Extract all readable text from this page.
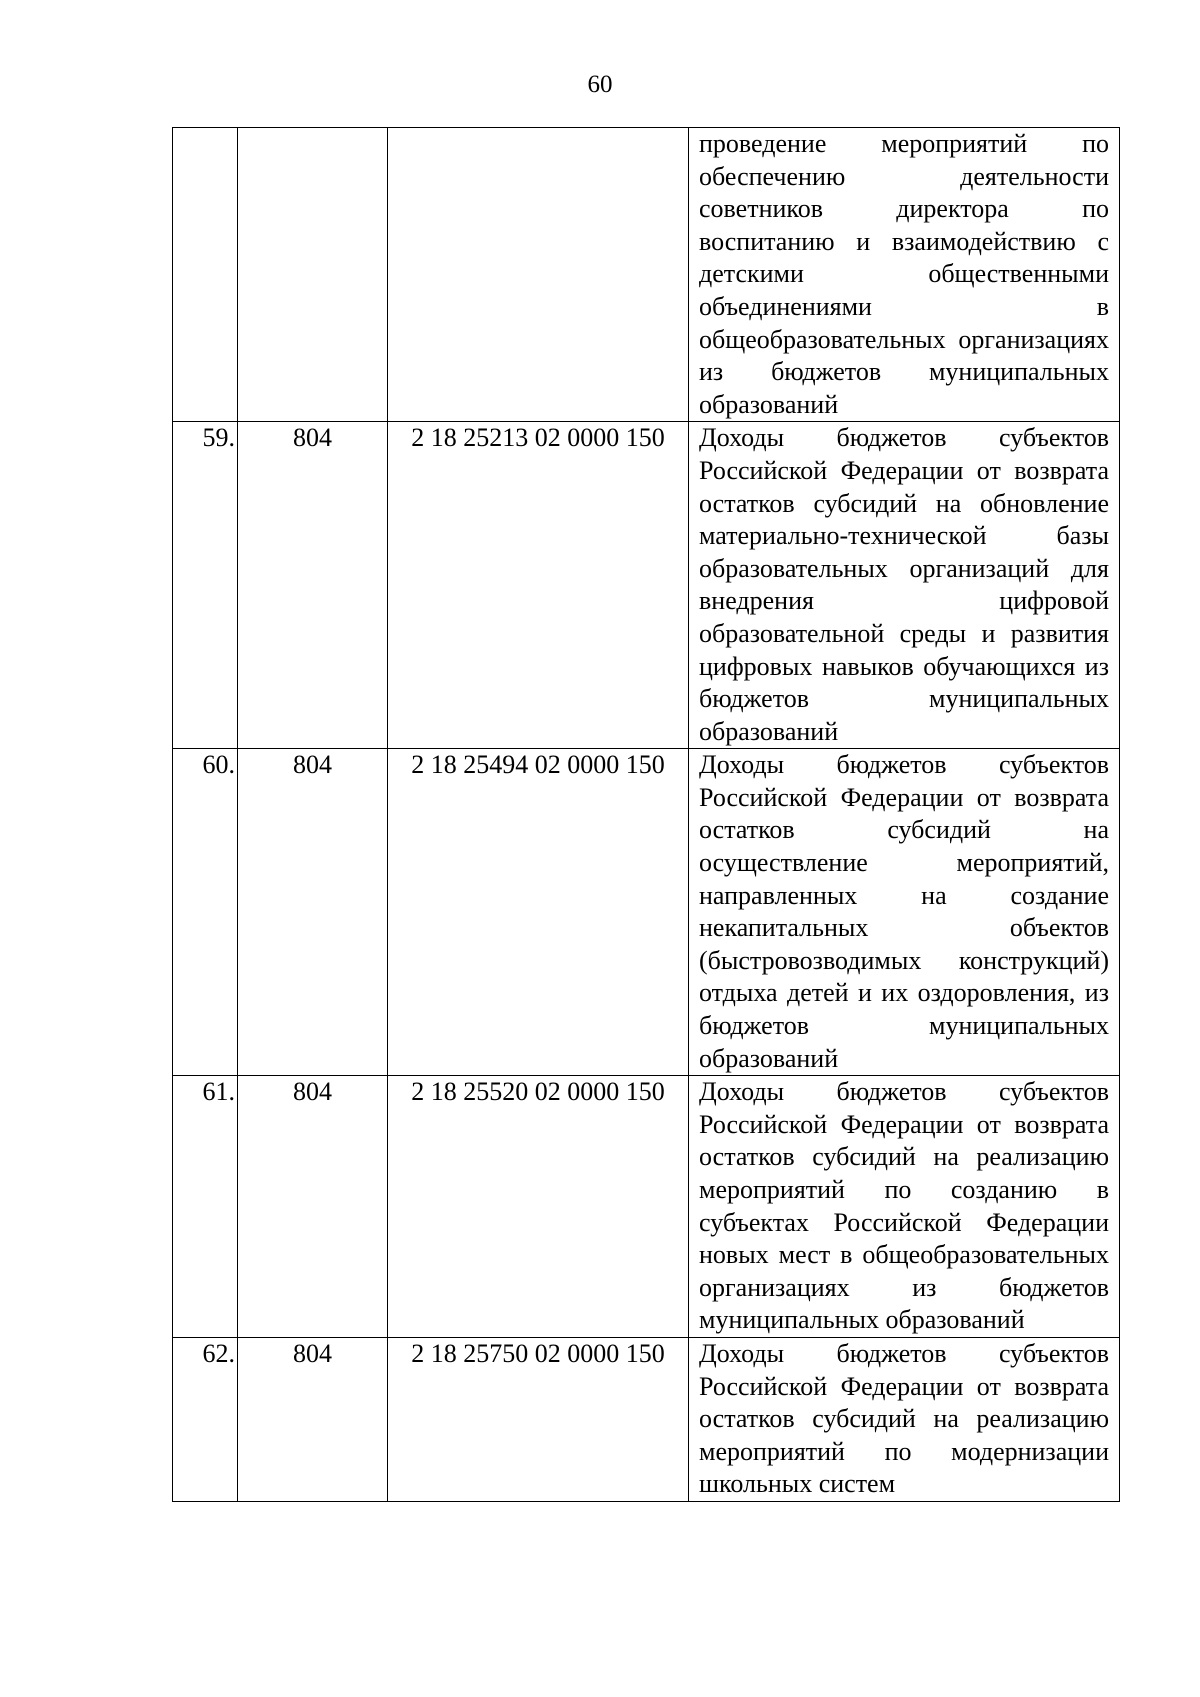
60

			проведение мероприятий по обеспечению деятельности советников директора по воспитанию и взаимодействию с детскими общественными объединениями в общеобразовательных организациях из бюджетов муниципальных образований

59.	804	2 18 25213 02 0000 150	Доходы бюджетов субъектов Российской Федерации от возврата остатков субсидий на обновление материально-технической базы образовательных организаций для внедрения цифровой образовательной среды и развития цифровых навыков обучающихся из бюджетов муниципальных образований

60.	804	2 18 25494 02 0000 150	Доходы бюджетов субъектов Российской Федерации от возврата остатков субсидий на осуществление мероприятий, направленных на создание некапитальных объектов (быстровозводимых конструкций) отдыха детей и их оздоровления, из бюджетов муниципальных образований

61.	804	2 18 25520 02 0000 150	Доходы бюджетов субъектов Российской Федерации от возврата остатков субсидий на реализацию мероприятий по созданию в субъектах Российской Федерации новых мест в общеобразовательных организациях из бюджетов муниципальных образований

62.	804	2 18 25750 02 0000 150	Доходы бюджетов субъектов Российской Федерации от возврата остатков субсидий на реализацию мероприятий по модернизации школьных систем
